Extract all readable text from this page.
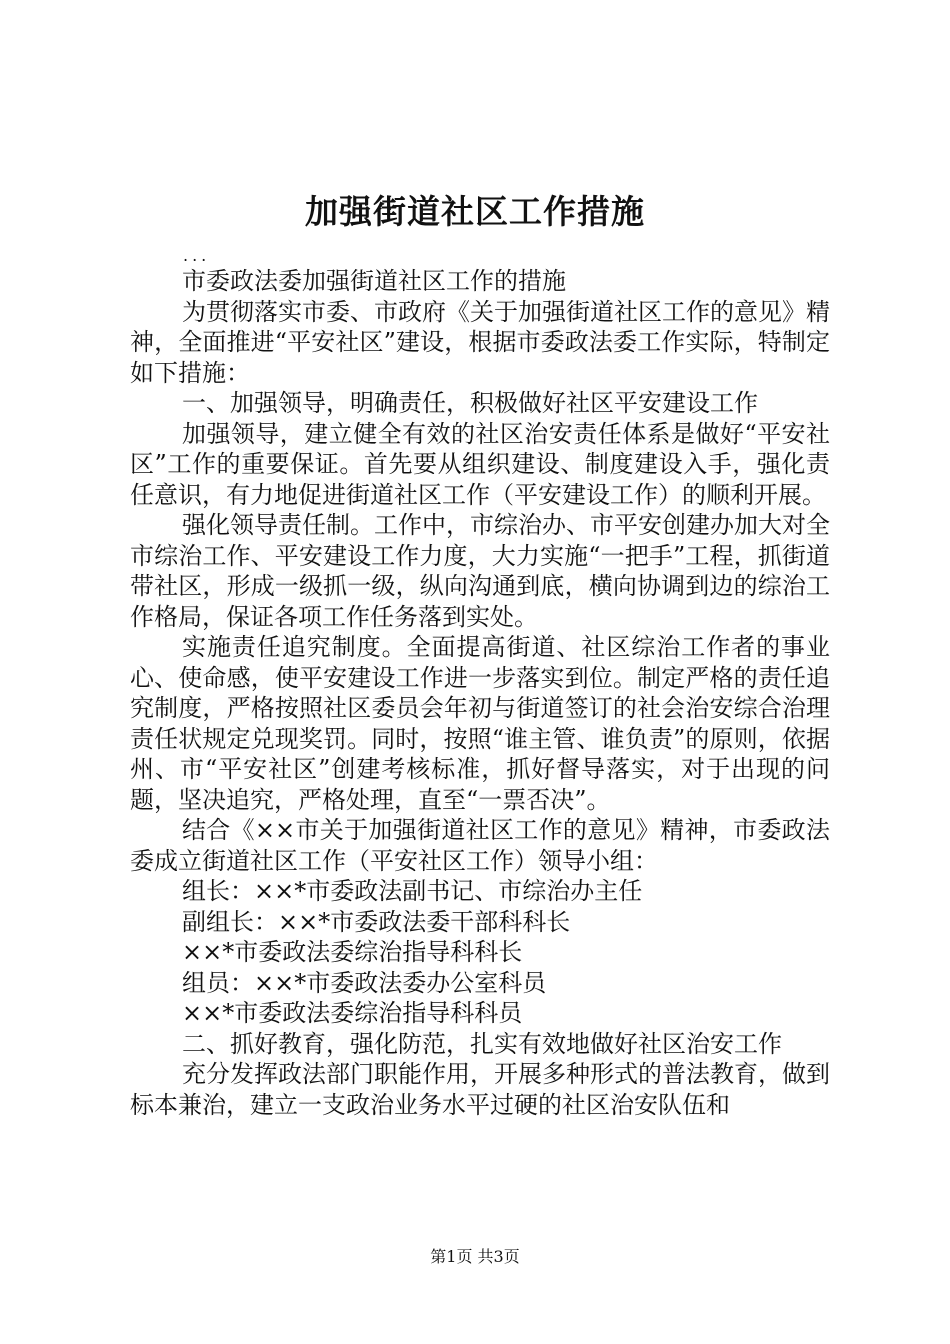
加强街道社区工作措施
...

市委政法委加强街道社区工作的措施

为贯彻落实市委、市政府《关于加强街道社区工作的意见》精神，全面推进“平安社区”建设，根据市委政法委工作实际，特制定如下措施：

一、加强领导，明确责任，积极做好社区平安建设工作

加强领导，建立健全有效的社区治安责任体系是做好“平安社区”工作的重要保证。首先要从组织建设、制度建设入手，强化责任意识，有力地促进街道社区工作（平安建设工作）的顺利开展。

强化领导责任制。工作中，市综治办、市平安创建办加大对全市综治工作、平安建设工作力度，大力实施“一把手”工程，抓街道带社区，形成一级抓一级，纵向沟通到底，横向协调到边的综治工作格局，保证各项工作任务落到实处。

实施责任追究制度。全面提高街道、社区综治工作者的事业心、使命感，使平安建设工作进一步落实到位。制定严格的责任追究制度，严格按照社区委员会年初与街道签订的社会治安综合治理责任状规定兑现奖罚。同时，按照“谁主管、谁负责”的原则，依据州、市“平安社区”创建考核标准，抓好督导落实，对于出现的问题，坚决追究，严格处理，直至“一票否决”。

结合《××市关于加强街道社区工作的意见》精神，市委政法委成立街道社区工作（平安社区工作）领导小组：

组长：××*市委政法副书记、市综治办主任

副组长：××*市委政法委干部科科长

××*市委政法委综治指导科科长

组员：××*市委政法委办公室科员

××*市委政法委综治指导科科员

二、抓好教育，强化防范，扎实有效地做好社区治安工作

充分发挥政法部门职能作用，开展多种形式的普法教育，做到标本兼治，建立一支政治业务水平过硬的社区治安队伍和

第1页 共3页
